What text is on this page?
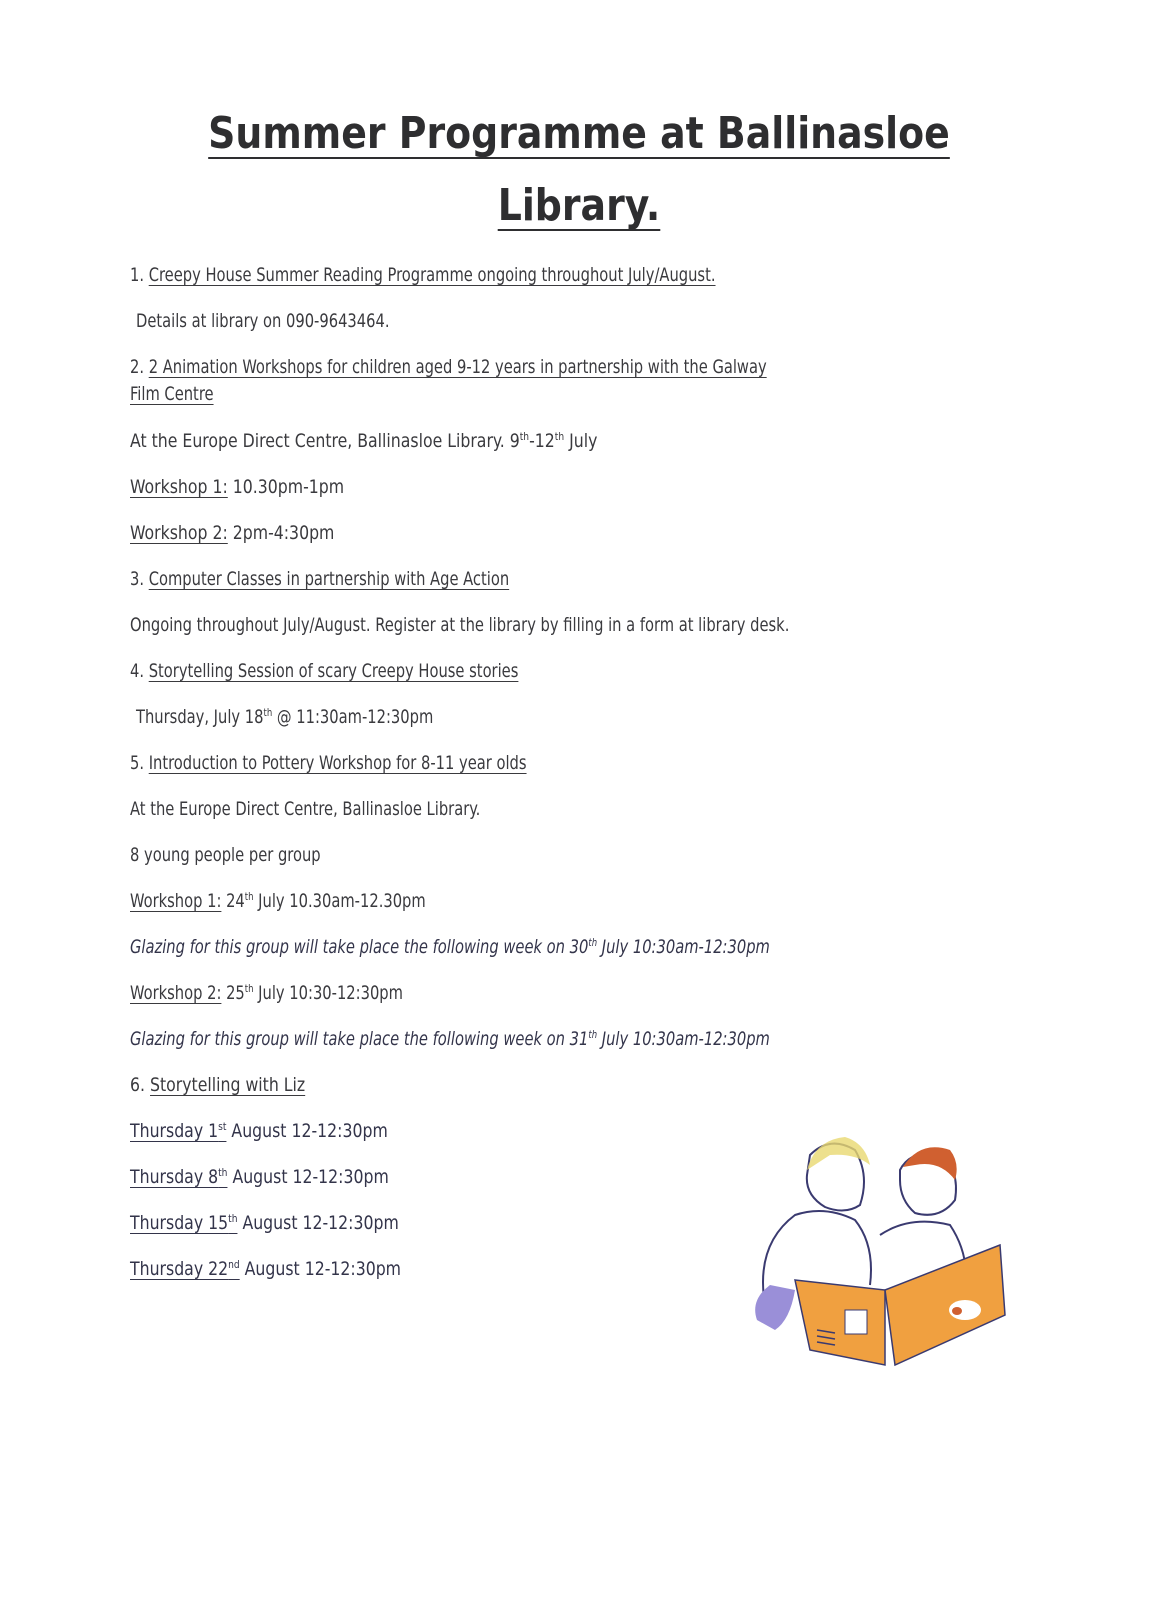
Summer Programme at Ballinasloe
Library.
1. Creepy House Summer Reading Programme ongoing throughout July/August.
Details at library on 090-9643464.
2. 2 Animation Workshops for children aged 9-12 years in partnership with the Galway
Film Centre
At the Europe Direct Centre, Ballinasloe Library. 9th-12th July
Workshop 1: 10.30pm-1pm
Workshop 2: 2pm-4:30pm
3. Computer Classes in partnership with Age Action
Ongoing throughout July/August. Register at the library by filling in a form at library desk.
4. Storytelling Session of scary Creepy House stories
Thursday, July 18th @ 11:30am-12:30pm
5. Introduction to Pottery Workshop for 8-11 year olds
At the Europe Direct Centre, Ballinasloe Library.
8 young people per group
Workshop 1: 24th July 10.30am-12.30pm
Glazing for this group will take place the following week on 30th July 10:30am-12:30pm
Workshop 2: 25th July 10:30-12:30pm
Glazing for this group will take place the following week on 31th July 10:30am-12:30pm
6. Storytelling with Liz
Thursday 1st August 12-12:30pm
Thursday 8th August 12-12:30pm
Thursday 15th August 12-12:30pm
Thursday 22nd August 12-12:30pm
